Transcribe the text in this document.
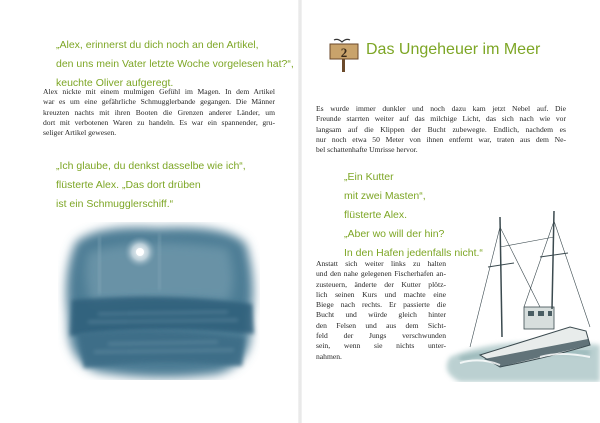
„Alex, erinnerst du dich noch an den Artikel,
den uns mein Vater letzte Woche vorgelesen hat?“,
keuchte Oliver aufgeregt.
Alex nickte mit einem mulmigen Gefühl im Magen. In dem Artikel
war es um eine gefährliche Schmugglerbande gegangen. Die Männer
kreuzten nachts mit ihren Booten die Grenzen anderer Länder, um
dort mit verbotenen Waren zu handeln. Es war ein spannender, gru-
seliger Artikel gewesen.
„Ich glaube, du denkst dasselbe wie ich“,
flüsterte Alex. „Das dort drüben
ist ein Schmugglerschiff.“
2 Das Ungeheuer im Meer
Es wurde immer dunkler und noch dazu kam jetzt Nebel auf. Die
Freunde starrten weiter auf das milchige Licht, das sich nach wie vor
langsam auf die Klippen der Bucht zubewegte. Endlich, nachdem es
nur noch etwa 50 Meter von ihnen entfernt war, traten aus dem Ne-
bel schattenhafte Umrisse hervor.
„Ein Kutter
mit zwei Masten“,
flüsterte Alex.
„Aber wo will der hin?
In den Hafen jedenfalls nicht.“
Anstatt sich weiter links zu halten
und den nahe gelegenen Fischerhafen an-
zusteuern, änderte der Kutter plötz-
lich seinen Kurs und machte eine
Biege nach rechts. Er passierte die
Bucht und würde gleich hinter
den Felsen und aus dem Sicht-
feld der Jungs verschwunden
sein, wenn sie nichts unter-
nahmen.
